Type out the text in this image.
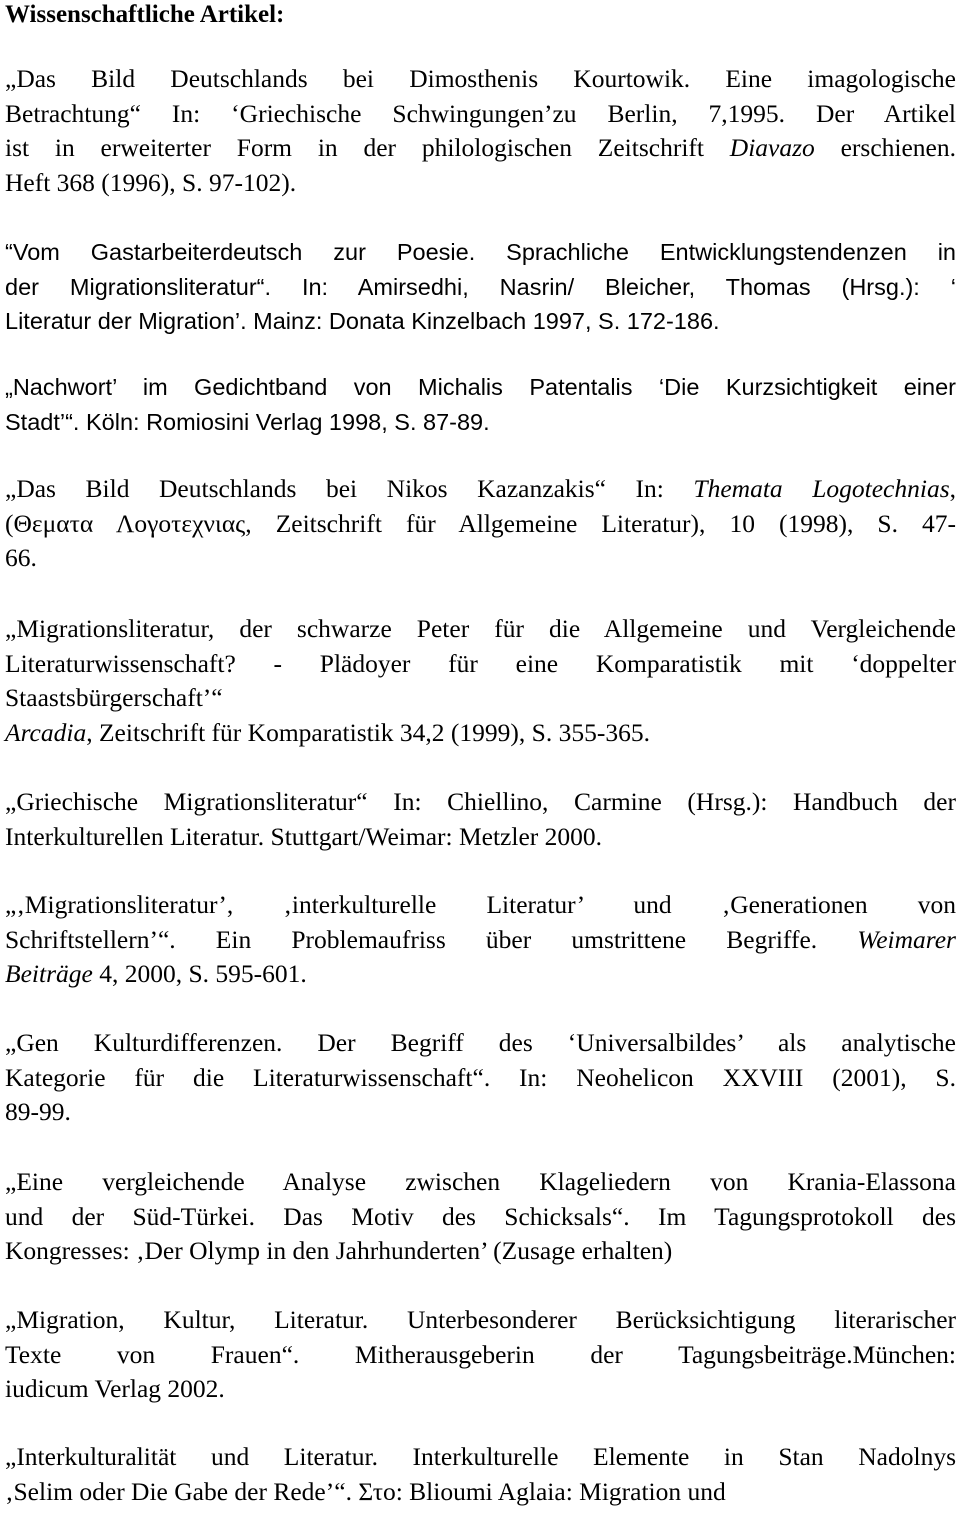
Wissenschaftliche Artikel:

„Das Bild Deutschlands bei Dimosthenis Kourtowik. Eine imagologische
Betrachtung“ In: ‘Griechische Schwingungen’zu Berlin, 7,1995. Der Artikel
ist in erweiterter Form in der philologischen Zeitschrift Diavazo erschienen.
Heft 368 (1996), S. 97-102).

“Vom Gastarbeiterdeutsch zur Poesie. Sprachliche Entwicklungstendenzen in
der Migrationsliteratur“. In: Amirsedhi, Nasrin/ Bleicher, Thomas (Hrsg.): ‘
Literatur der Migration’. Mainz: Donata Kinzelbach 1997, S. 172-186.

„Nachwort’ im Gedichtband von Michalis Patentalis ‘Die Kurzsichtigkeit einer
Stadt’“. Köln: Romiosini Verlag 1998, S. 87-89.

„Das Bild Deutschlands bei Nikos Kazanzakis“ In: Themata Logotechnias,
(Θεματα Λογοτεχνιας, Zeitschrift für Allgemeine Literatur), 10 (1998), S. 47-
66.

„Migrationsliteratur, der schwarze Peter für die Allgemeine und Vergleichende
Literaturwissenschaft? - Plädoyer für eine Komparatistik mit ‘doppelter
Staastsbürgerschaft’“
Arcadia, Zeitschrift für Komparatistik 34,2 (1999), S. 355-365.

„Griechische Migrationsliteratur“ In: Chiellino, Carmine (Hrsg.): Handbuch der
Interkulturellen Literatur. Stuttgart/Weimar: Metzler 2000.

„‚Migrationsliteratur’, ‚interkulturelle Literatur’ und ‚Generationen von
Schriftstellern’“. Ein Problemaufriss über umstrittene Begriffe. Weimarer
Beiträge 4, 2000, S. 595-601.

„Gen Kulturdifferenzen. Der Begriff des ‘Universalbildes’ als analytische
Kategorie für die Literaturwissenschaft“. In: Neohelicon XXVIII (2001), S.
89-99.

„Eine vergleichende Analyse zwischen Klageliedern von Krania-Elassona
und der Süd-Türkei. Das Motiv des Schicksals“. Im Tagungsprotokoll des
Kongresses: ‚Der Olymp in den Jahrhunderten’ (Zusage erhalten)

„Migration, Kultur, Literatur. Unterbesonderer Berücksichtigung literarischer
Texte von Frauen“. Mitherausgeberin der Tagungsbeiträge.München:
iudicum Verlag 2002.

„Interkulturalität und Literatur. Interkulturelle Elemente in Stan Nadolnys
‚Selim oder Die Gabe der Rede’“. Στο: Blioumi Aglaia: Migration und
